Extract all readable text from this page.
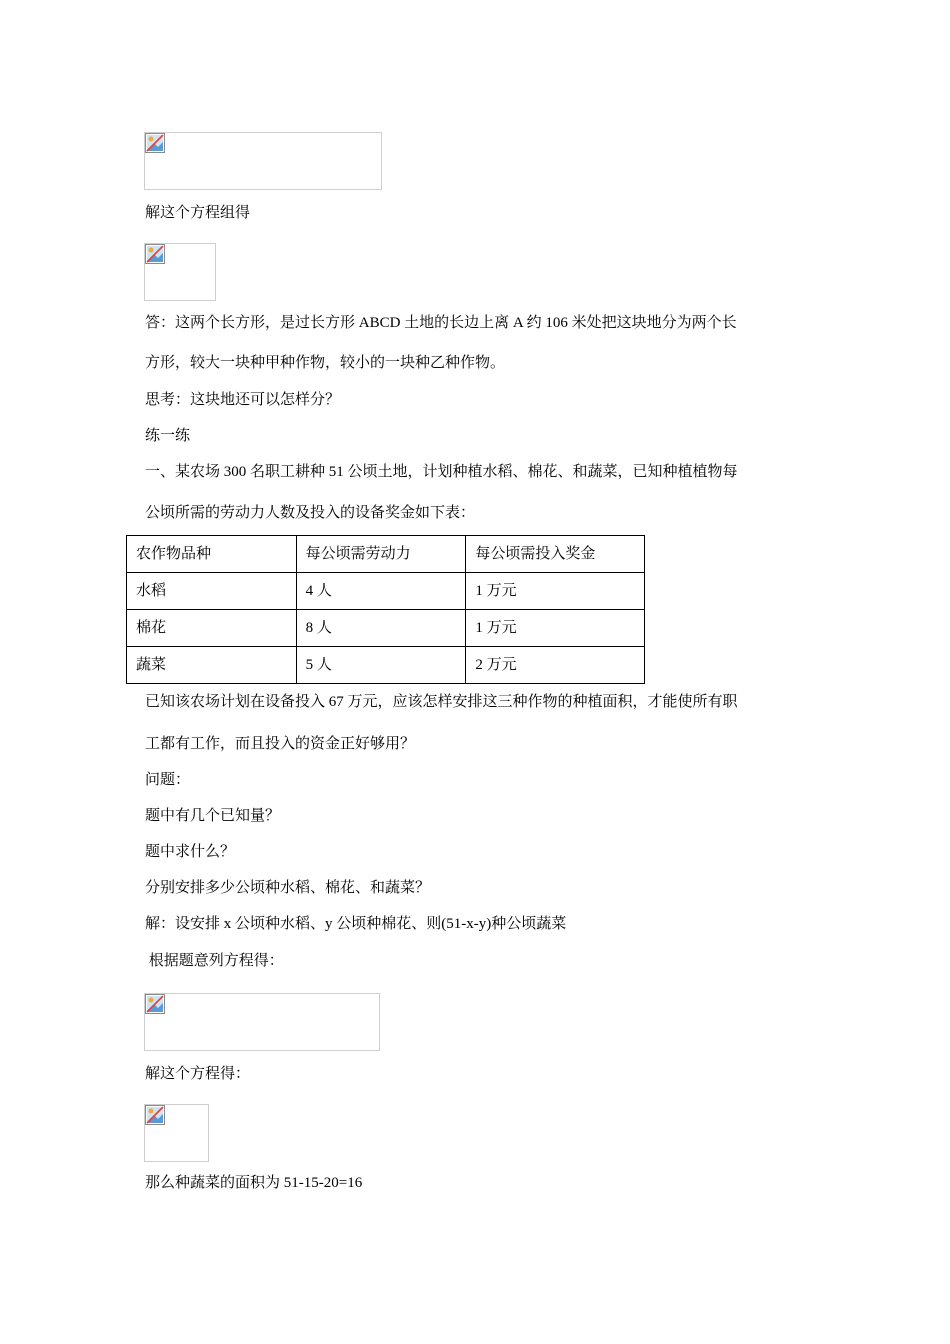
解这个方程组得
答：这两个长方形，是过长方形 ABCD 土地的长边上离 A 约 106 米处把这块地分为两个长
方形，较大一块种甲种作物，较小的一块种乙种作物。
思考：这块地还可以怎样分？
练一练
一、某农场 300 名职工耕种 51 公顷土地，计划种植水稻、棉花、和蔬菜，已知种植植物每
公顷所需的劳动力人数及投入的设备奖金如下表：
农作物品种	每公顷需劳动力	每公顷需投入奖金
水稻	4 人	1 万元
棉花	8 人	1 万元
蔬菜	5 人	2 万元
已知该农场计划在设备投入 67 万元，应该怎样安排这三种作物的种植面积，才能使所有职
工都有工作，而且投入的资金正好够用？
问题：
题中有几个已知量？
题中求什么？
分别安排多少公顷种水稻、棉花、和蔬菜？
解：设安排 x 公顷种水稻、y 公顷种棉花、则(51-x-y)种公顷蔬菜
根据题意列方程得：
解这个方程得：
那么种蔬菜的面积为 51-15-20=16
